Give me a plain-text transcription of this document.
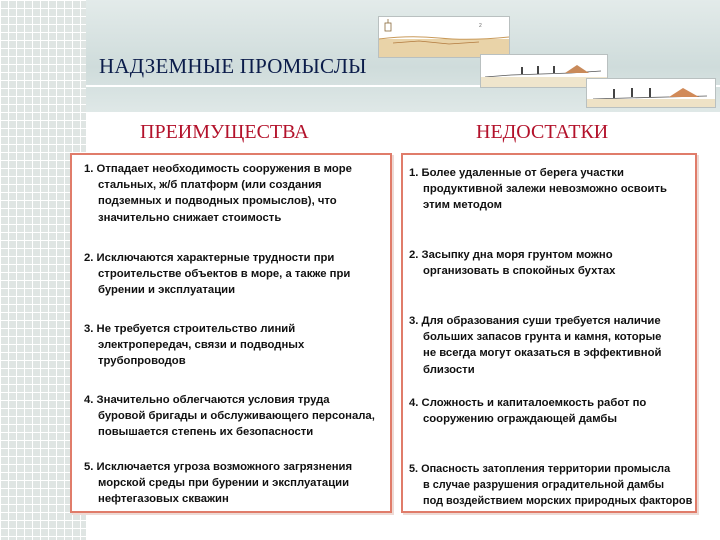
2
НАДЗЕМНЫЕ ПРОМЫСЛЫ
ПРЕИМУЩЕСТВА	НЕДОСТАТКИ
1. Отпадает необходимость сооружения в море
стальных, ж/б платформ (или создания
подземных и подводных промыслов), что
значительно снижает стоимость
2. Исключаются характерные трудности при
строительстве объектов в море, а также при
бурении и эксплуатации
3. Не требуется строительство линий
электропередач, связи и подводных
трубопроводов
4. Значительно облегчаются условия труда
буровой бригады и обслуживающего персонала,
повышается степень их безопасности
5. Исключается угроза возможного загрязнения
морской среды при бурении и эксплуатации
нефтегазовых скважин
1. Более удаленные от берега участки
продуктивной залежи невозможно освоить
этим методом
2. Засыпку дна моря грунтом можно
организовать в спокойных бухтах
3. Для образования суши требуется наличие
больших запасов грунта и камня, которые
не всегда могут оказаться в эффективной
близости
4. Сложность и капиталоемкость работ по
сооружению ограждающей дамбы
5. Опасность затопления территории промысла
в случае разрушения оградительной дамбы
под воздействием морских природных факторов
